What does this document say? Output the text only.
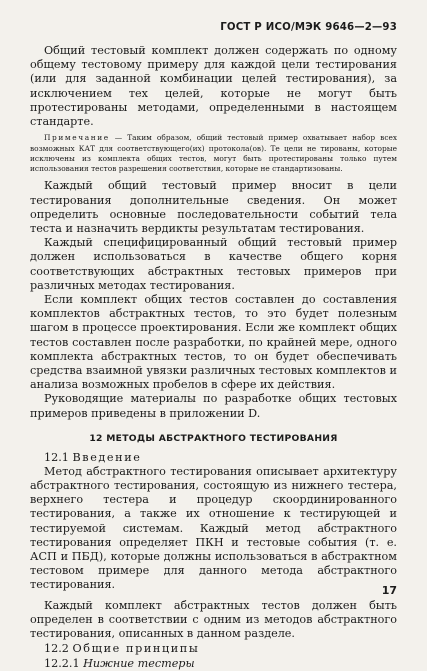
ГОСТ Р ИСО/МЭК 9646—2—93

Общий тестовый комплект должен содержать по одному общему тестовому примеру для каждой цели тестирования (или для заданной комбинации целей тестирования), за исключением тех целей, которые не могут быть протестированы методами, определенными в настоящем стандарте.

Примечание — Таким образом, общий тестовый пример охватывает набор всех возможных КАТ для соответствующего(их) протокола(ов). Те цели не тированы, которые исключены из комплекта общих тестов, могут быть протестированы только путем использования тестов разрешения соответствия, которые не стандартизованы.

Каждый общий тестовый пример вносит в цели тестирования дополнительные сведения. Он может определить основные последовательности событий тела теста и назначить вердикты результатам тестирования.

Каждый специфицированный общий тестовый пример должен использоваться в качестве общего корня соответствующих абстрактных тестовых примеров при различных методах тестирования.

Если комплект общих тестов составлен до составления комплектов абстрактных тестов, то это будет полезным шагом в процессе проектирования. Если же комплект общих тестов составлен после разработки, по крайней мере, одного комплекта абстрактных тестов, то он будет обеспечивать средства взаимной увязки различных тестовых комплектов и анализа возможных пробелов в сфере их действия.

Руководящие материалы по разработке общих тестовых примеров приведены в приложении D.

12 МЕТОДЫ АБСТРАКТНОГО ТЕСТИРОВАНИЯ

12.1 Введение

Метод абстрактного тестирования описывает архитектуру абстрактного тестирования, состоящую из нижнего тестера, верхнего тестера и процедур скоординированного тестирования, а также их отношение к тестирующей и тестируемой системам. Каждый метод абстрактного тестирования определяет ПКН и тестовые события (т. е. АСП и ПБД), которые должны использоваться в абстрактном тестовом примере для данного метода абстрактного тестирования.

Каждый комплект абстрактных тестов должен быть определен в соответствии с одним из методов абстрактного тестирования, описанных в данном разделе.

12.2 Общие принципы

12.2.1 Нижние тестеры

17
